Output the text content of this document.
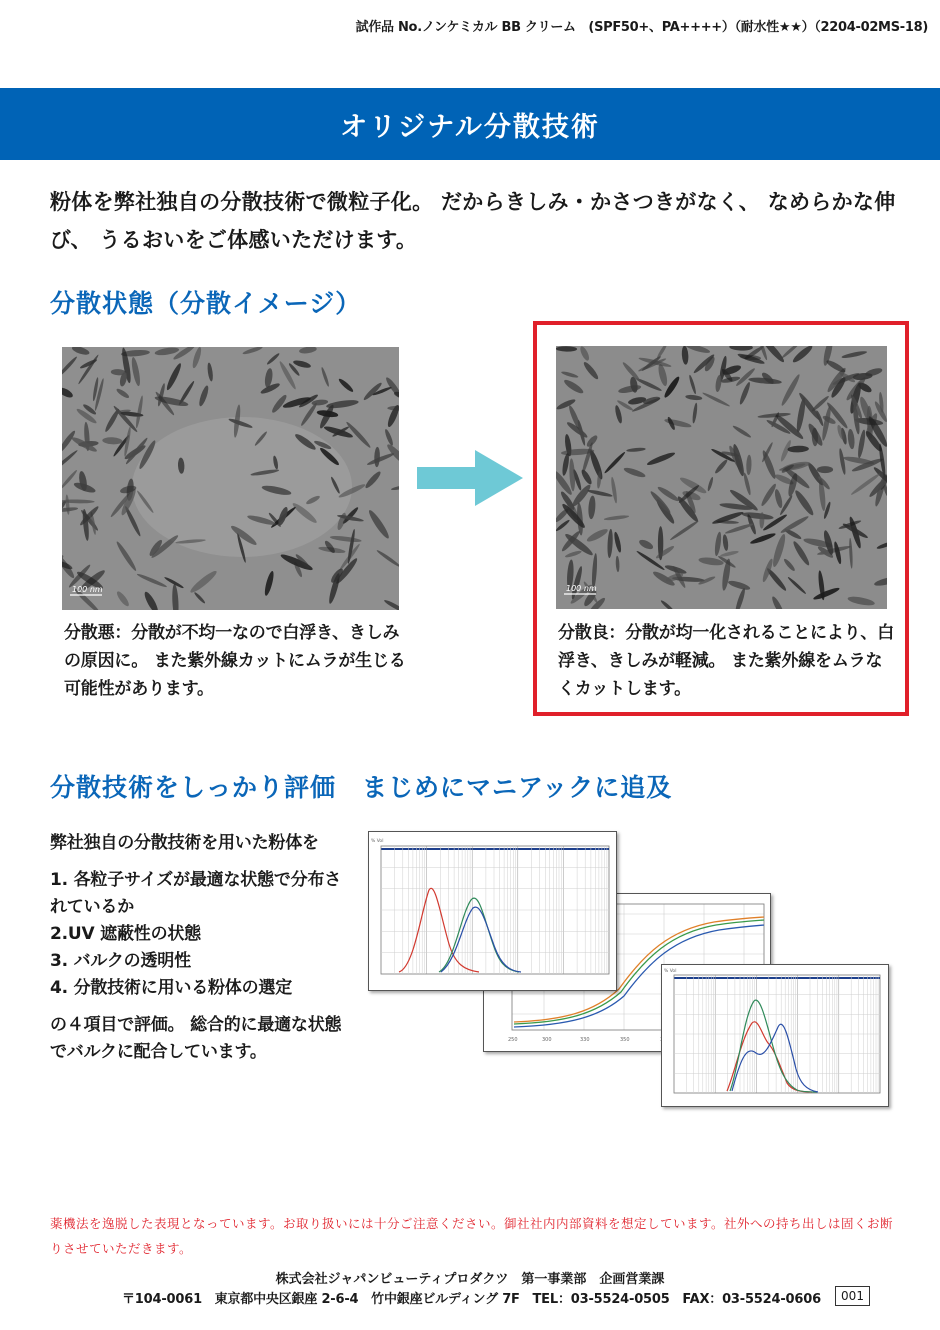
試作品 No.ノンケミカル BB クリーム　(SPF50+、PA++++）（耐水性★★）（2204-02MS-18)
オリジナル分散技術
粉体を弊社独自の分散技術で微粒子化。 だからきしみ・かさつきがなく、 なめらかな伸び、 うるおいをご体感いただけます。
分散状態（分散イメージ）
100 nm	100 nm
分散悪：分散が不均一なので白浮き、きしみの原因に。 また紫外線カットにムラが生じる可能性があります。
分散良：分散が均一化されることにより、白浮き、きしみが軽減。 また紫外線をムラなくカットします。
分散技術をしっかり評価　まじめにマニアックに追及

弊社独自の分散技術を用いた粉体を

1. 各粒子サイズが最適な状態で分布されているか

2.UV 遮蔽性の状態

3. バルクの透明性

4. 分散技術に用いる粉体の選定

の４項目で評価。 総合的に最適な状態でバルクに配合しています。

250	300	330	350
% Vol
% Vol
薬機法を逸脱した表現となっています。お取り扱いには十分ご注意ください。御社社内内部資料を想定しています。社外への持ち出しは固くお断りさせていただきます。
株式会社ジャパンビューティプロダクツ　第一事業部　企画営業課
〒104-0061　東京都中央区銀座 2-6-4　竹中銀座ビルディング 7F　TEL：03-5524-0505　FAX：03-5524-0606	001
